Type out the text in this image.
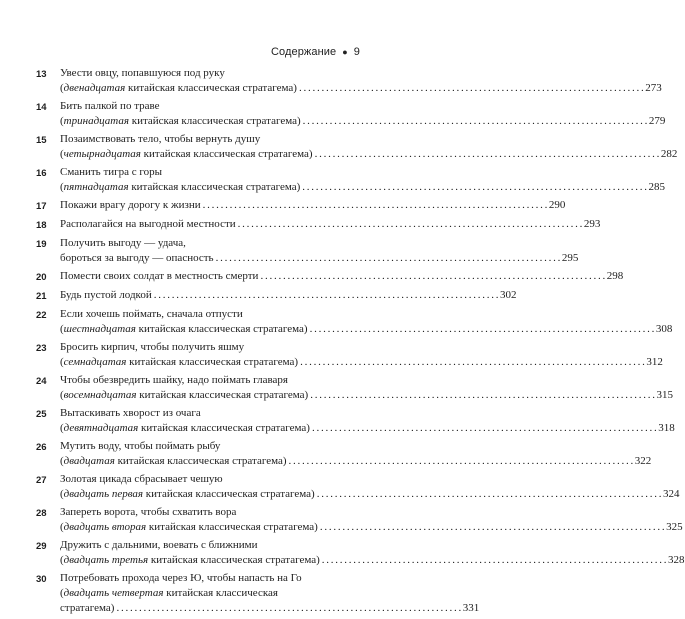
Содержание ● 9
13	Увести овцу, попавшуюся под руку
(двенадцатая китайская классическая стратагема) . . .	273
14	Бить палкой по траве
(тринадцатая китайская классическая стратагема) . . .	279
15	Позаимствовать тело, чтобы вернуть душу
(четырнадцатая китайская классическая стратагема) . . .	282
16	Сманить тигра с горы
(пятнадцатая китайская классическая стратагема) . . .	285
17	Покажи врагу дорогу к жизни . . .	290
18	Располагайся на выгодной местности . . .	293
19	Получить выгоду — удача,
бороться за выгоду — опасность . . .	295
20	Помести своих солдат в местность смерти . . .	298
21	Будь пустой лодкой . . .	302
22	Если хочешь поймать, сначала отпусти
(шестнадцатая китайская классическая стратагема) . . .	308
23	Бросить кирпич, чтобы получить яшму
(семнадцатая китайская классическая стратагема) . . .	312
24	Чтобы обезвредить шайку, надо поймать главаря
(восемнадцатая китайская классическая стратагема) . . .	315
25	Вытаскивать хворост из очага
(девятнадцатая китайская классическая стратагема) . . .	318
26	Мутить воду, чтобы поймать рыбу
(двадцатая китайская классическая стратагема) . . .	322
27	Золотая цикада сбрасывает чешую
(двадцать первая китайская классическая стратагема) . . .	324
28	Запереть ворота, чтобы схватить вора
(двадцать вторая китайская классическая стратагема) . . .	325
29	Дружить с дальними, воевать с ближними
(двадцать третья китайская классическая стратагема) . . .	328
30	Потребовать прохода через Ю, чтобы напасть на Го
(двадцать четвертая китайская классическая
стратагема) . . .	331
